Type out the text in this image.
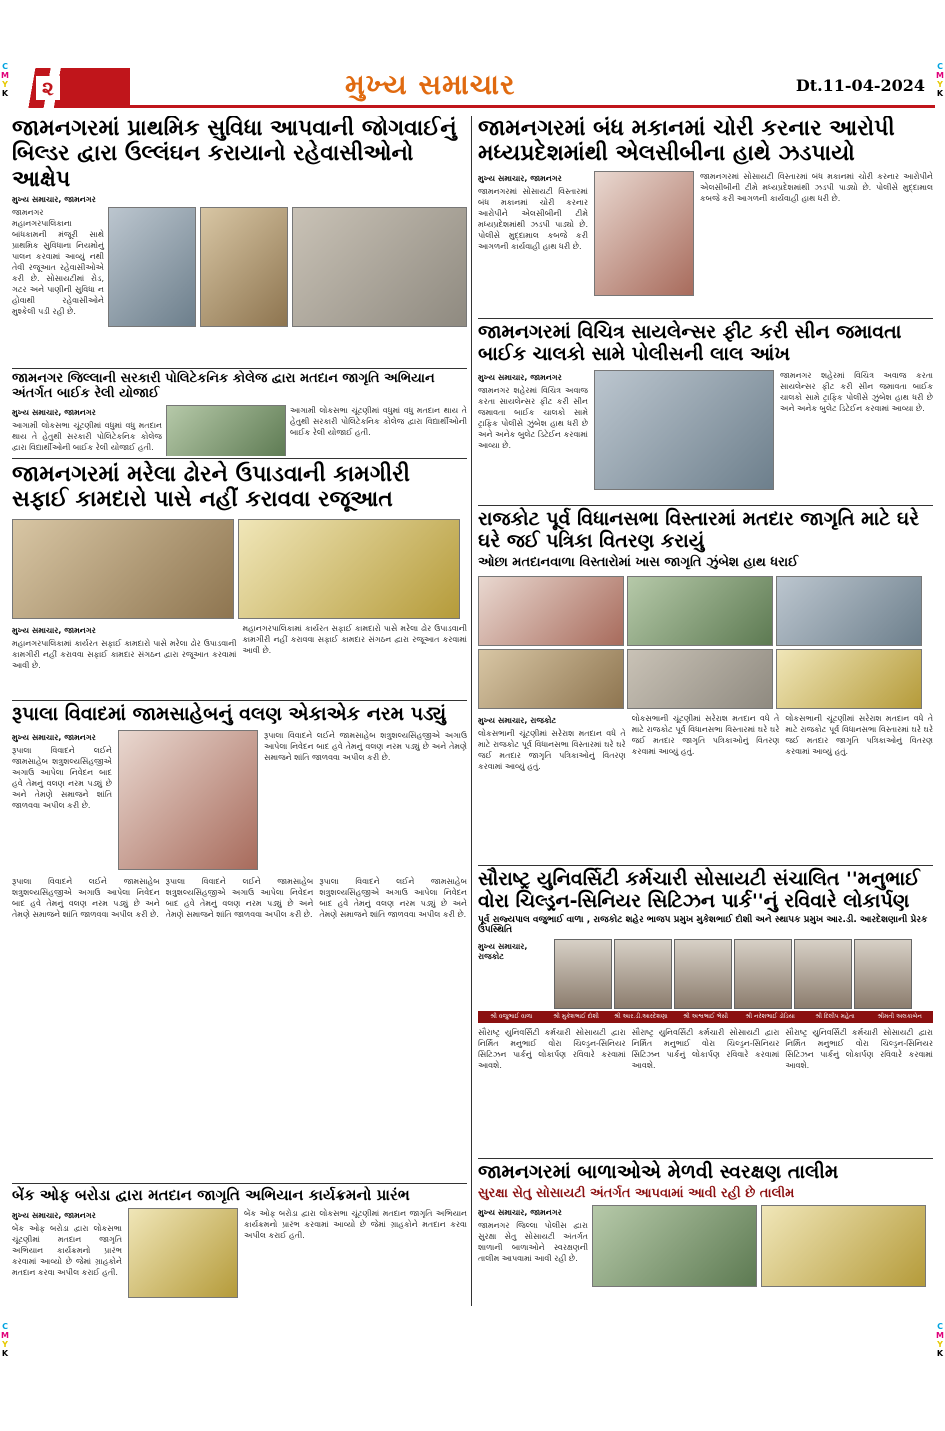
C
M
Y
K
C
M
Y
K
C
M
Y
K
C
M
Y
K
૨	મુખ્ય સમાચાર	Dt.11-04-2024
જામનગરમાં પ્રાથમિક સુવિધા આપવાની જોગવાઈનું બિલ્ડર દ્વારા ઉલ્લંઘન કરાયાનો રહેવાસીઓનો આક્ષેપ
મુખ્ય સમાચાર, જામનગર
જામનગર મહાનગરપાલિકાના બાંધકામની મંજૂરી સાથે પ્રાથમિક સુવિધાના નિયમોનું પાલન કરવામાં આવ્યું નથી તેવી રજૂઆત રહેવાસીઓએ કરી છે. સોસાયટીમાં રોડ, ગટર અને પાણીની સુવિધા ન હોવાથી રહેવાસીઓને મુશ્કેલી પડી રહી છે.
જામનગરમાં બંધ મકાનમાં ચોરી કરનાર આરોપી મધ્યપ્રદેશમાંથી એલસીબીના હાથે ઝડપાયો
મુખ્ય સમાચાર, જામનગર
જામનગરમાં સોસાયટી વિસ્તારમાં બંધ મકાનમાં ચોરી કરનાર આરોપીને એલસીબીની ટીમે મધ્યપ્રદેશમાંથી ઝડપી પાડ્યો છે. પોલીસે મુદ્દામાલ કબજે કરી આગળની કાર્યવાહી હાથ ધરી છે.
જામનગરમાં સોસાયટી વિસ્તારમાં બંધ મકાનમાં ચોરી કરનાર આરોપીને એલસીબીની ટીમે મધ્યપ્રદેશમાંથી ઝડપી પાડ્યો છે. પોલીસે મુદ્દામાલ કબજે કરી આગળની કાર્યવાહી હાથ ધરી છે.
જામનગર જિલ્લાની સરકારી પોલિટેકનિક કોલેજ દ્વારા મતદાન જાગૃતિ અભિયાન અંતર્ગત બાઈક રેલી યોજાઈ
મુખ્ય સમાચાર, જામનગર
આગામી લોકસભા ચૂંટણીમાં વધુમાં વધુ મતદાન થાય તે હેતુથી સરકારી પોલિટેકનિક કોલેજ દ્વારા વિદ્યાર્થીઓની બાઈક રેલી યોજાઈ હતી.
આગામી લોકસભા ચૂંટણીમાં વધુમાં વધુ મતદાન થાય તે હેતુથી સરકારી પોલિટેકનિક કોલેજ દ્વારા વિદ્યાર્થીઓની બાઈક રેલી યોજાઈ હતી.
જામનગરમાં વિચિત્ર સાયલેન્સર ફીટ કરી સીન જમાવતા બાઈક ચાલકો સામે પોલીસની લાલ આંખ
મુખ્ય સમાચાર, જામનગર
જામનગર શહેરમાં વિચિત્ર અવાજ કરતા સાયલેન્સર ફીટ કરી સીન જમાવતા બાઈક ચાલકો સામે ટ્રાફિક પોલીસે ઝુંબેશ હાથ ધરી છે અને અનેક બુલેટ ડિટેઈન કરવામાં આવ્યા છે.
જામનગર શહેરમાં વિચિત્ર અવાજ કરતા સાયલેન્સર ફીટ કરી સીન જમાવતા બાઈક ચાલકો સામે ટ્રાફિક પોલીસે ઝુંબેશ હાથ ધરી છે અને અનેક બુલેટ ડિટેઈન કરવામાં આવ્યા છે.
જામનગરમાં મરેલા ઢોરને ઉપાડવાની કામગીરી સફાઈ કામદારો પાસે નહીં કરાવવા રજૂઆત
મુખ્ય સમાચાર, જામનગર
મહાનગરપાલિકામાં કાર્યરત સફાઈ કામદારો પાસે મરેલા ઢોર ઉપાડવાની કામગીરી નહીં કરાવવા સફાઈ કામદાર સંગઠન દ્વારા રજૂઆત કરવામાં આવી છે.
મહાનગરપાલિકામાં કાર્યરત સફાઈ કામદારો પાસે મરેલા ઢોર ઉપાડવાની કામગીરી નહીં કરાવવા સફાઈ કામદાર સંગઠન દ્વારા રજૂઆત કરવામાં આવી છે.
રાજકોટ પૂર્વ વિધાનસભા વિસ્તારમાં મતદાર જાગૃતિ માટે ઘરે ઘરે જઈ પત્રિકા વિતરણ કરાયું
ઓછા મતદાનવાળા વિસ્તારોમાં ખાસ જાગૃતિ ઝુંબેશ હાથ ધરાઈ
મુખ્ય સમાચાર, રાજકોટ
લોકસભાની ચૂંટણીમાં સરેરાશ મતદાન વધે તે માટે રાજકોટ પૂર્વ વિધાનસભા વિસ્તારમાં ઘરે ઘરે જઈ મતદાર જાગૃતિ પત્રિકાઓનું વિતરણ કરવામાં આવ્યું હતું.
લોકસભાની ચૂંટણીમાં સરેરાશ મતદાન વધે તે માટે રાજકોટ પૂર્વ વિધાનસભા વિસ્તારમાં ઘરે ઘરે જઈ મતદાર જાગૃતિ પત્રિકાઓનું વિતરણ કરવામાં આવ્યું હતું.
લોકસભાની ચૂંટણીમાં સરેરાશ મતદાન વધે તે માટે રાજકોટ પૂર્વ વિધાનસભા વિસ્તારમાં ઘરે ઘરે જઈ મતદાર જાગૃતિ પત્રિકાઓનું વિતરણ કરવામાં આવ્યું હતું.
રૂપાલા વિવાદમાં જામસાહેબનું વલણ એકાએક નરમ પડ્યું
મુખ્ય સમાચાર, જામનગર
રૂપાલા વિવાદને લઈને જામસાહેબ શત્રુશલ્યસિંહજીએ અગાઉ આપેલા નિવેદન બાદ હવે તેમનું વલણ નરમ પડ્યું છે અને તેમણે સમાજને શાંતિ જાળવવા અપીલ કરી છે.
રૂપાલા વિવાદને લઈને જામસાહેબ શત્રુશલ્યસિંહજીએ અગાઉ આપેલા નિવેદન બાદ હવે તેમનું વલણ નરમ પડ્યું છે અને તેમણે સમાજને શાંતિ જાળવવા અપીલ કરી છે.
રૂપાલા વિવાદને લઈને જામસાહેબ શત્રુશલ્યસિંહજીએ અગાઉ આપેલા નિવેદન બાદ હવે તેમનું વલણ નરમ પડ્યું છે અને તેમણે સમાજને શાંતિ જાળવવા અપીલ કરી છે.
રૂપાલા વિવાદને લઈને જામસાહેબ શત્રુશલ્યસિંહજીએ અગાઉ આપેલા નિવેદન બાદ હવે તેમનું વલણ નરમ પડ્યું છે અને તેમણે સમાજને શાંતિ જાળવવા અપીલ કરી છે.
રૂપાલા વિવાદને લઈને જામસાહેબ શત્રુશલ્યસિંહજીએ અગાઉ આપેલા નિવેદન બાદ હવે તેમનું વલણ નરમ પડ્યું છે અને તેમણે સમાજને શાંતિ જાળવવા અપીલ કરી છે.
સૌરાષ્ટ્ર યુનિવર્સિટી કર્મચારી સોસાયટી સંચાલિત ''મનુભાઈ વોરા ચિલ્ડ્રન-સિનિયર સિટિઝન પાર્ક''નું રવિવારે લોકાર્પણ
પૂર્વ રાજ્યપાલ વજુભાઈ વાળા , રાજકોટ શહેર ભાજપ પ્રમુખ મુકેશભાઈ દોશી અને સ્થાપક પ્રમુખ આર.ડી. આરદેશણાની પ્રેરક ઉપસ્થિતિ
મુખ્ય સમાચાર, રાજકોટ
શ્રી વજુભાઈ વાળા	શ્રી મુકેશભાઈ દોશી	શ્રી આર.ડી.આરદેશણા	શ્રી અશ્વભાઈ ભેંસી	શ્રી નરેશભાઈ ડોડિયા	શ્રી દિલીપ મહેતા	શ્રીમતી અલકાબેન
સૌરાષ્ટ્ર યુનિવર્સિટી કર્મચારી સોસાયટી દ્વારા નિર્મિત મનુભાઈ વોરા ચિલ્ડ્રન-સિનિયર સિટિઝન પાર્કનું લોકાર્પણ રવિવારે કરવામાં આવશે.
સૌરાષ્ટ્ર યુનિવર્સિટી કર્મચારી સોસાયટી દ્વારા નિર્મિત મનુભાઈ વોરા ચિલ્ડ્રન-સિનિયર સિટિઝન પાર્કનું લોકાર્પણ રવિવારે કરવામાં આવશે.
સૌરાષ્ટ્ર યુનિવર્સિટી કર્મચારી સોસાયટી દ્વારા નિર્મિત મનુભાઈ વોરા ચિલ્ડ્રન-સિનિયર સિટિઝન પાર્કનું લોકાર્પણ રવિવારે કરવામાં આવશે.
જામનગરમાં બાળાઓએ મેળવી સ્વરક્ષણ તાલીમ
સુરક્ષા સેતુ સોસાયટી અંતર્ગત આપવામાં આવી રહી છે તાલીમ
મુખ્ય સમાચાર, જામનગર
જામનગર જિલ્લા પોલીસ દ્વારા સુરક્ષા સેતુ સોસાયટી અંતર્ગત શાળાની બાળાઓને સ્વરક્ષણની તાલીમ આપવામાં આવી રહી છે.
બેંક ઓફ બરોડા દ્વારા મતદાન જાગૃતિ અભિયાન કાર્યક્રમનો પ્રારંભ
મુખ્ય સમાચાર, જામનગર
બેંક ઓફ બરોડા દ્વારા લોકસભા ચૂંટણીમાં મતદાન જાગૃતિ અભિયાન કાર્યક્રમનો પ્રારંભ કરવામાં આવ્યો છે જેમાં ગ્રાહકોને મતદાન કરવા અપીલ કરાઈ હતી.
બેંક ઓફ બરોડા દ્વારા લોકસભા ચૂંટણીમાં મતદાન જાગૃતિ અભિયાન કાર્યક્રમનો પ્રારંભ કરવામાં આવ્યો છે જેમાં ગ્રાહકોને મતદાન કરવા અપીલ કરાઈ હતી.
